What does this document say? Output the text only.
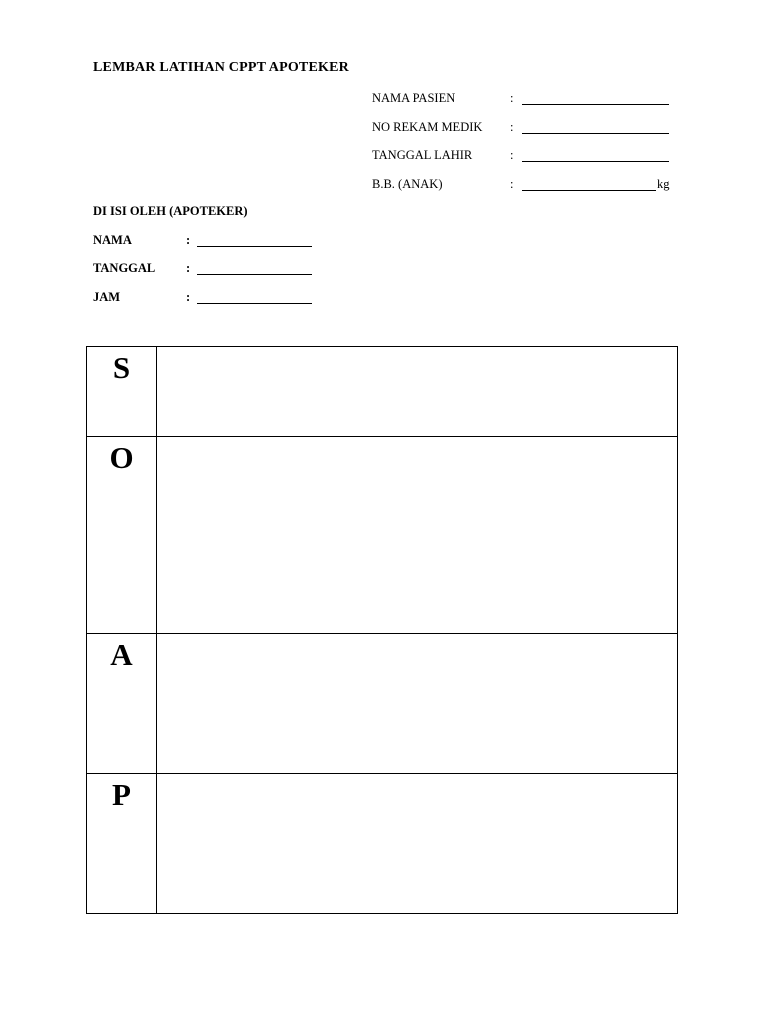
LEMBAR LATIHAN CPPT APOTEKER
NAMA PASIEN	:
NO REKAM MEDIK :
TANGGAL LAHIR	:
B.B. (ANAK)	:	kg
DI ISI OLEH (APOTEKER)
NAMA	:
TANGGAL :
JAM	:
S	
O	
A	
P	
